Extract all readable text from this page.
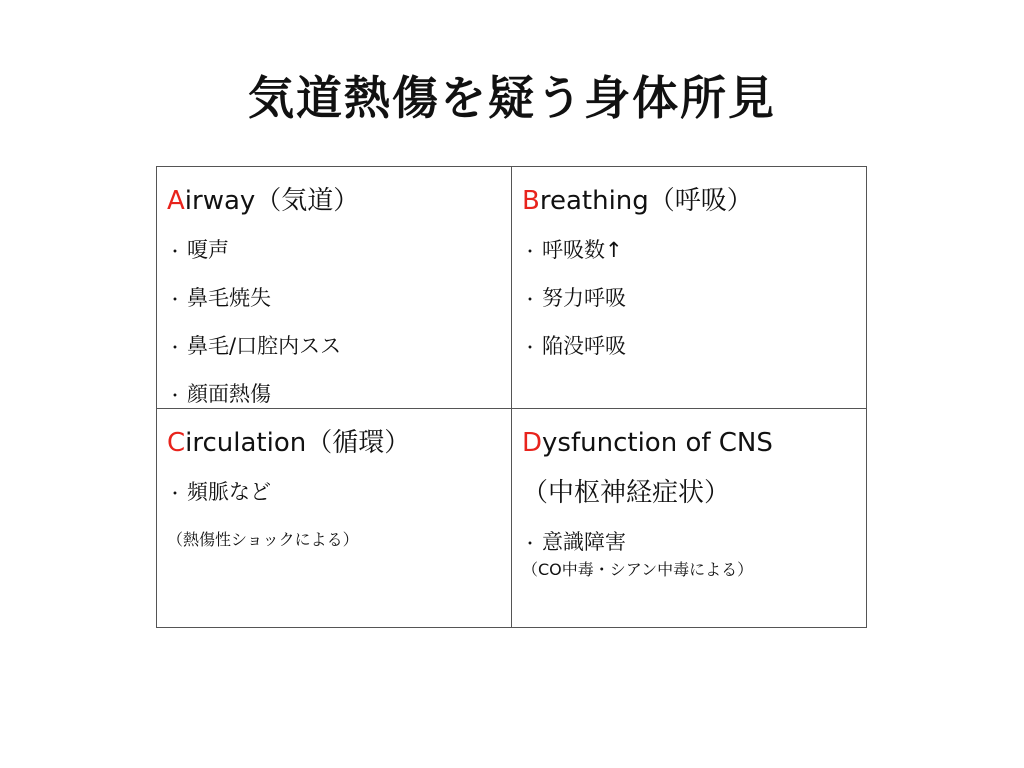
気道熱傷を疑う身体所見

Airway（気道）

・ 嗄声
・ 鼻毛焼失
・ 鼻毛/口腔内スス
・ 顔面熱傷

Breathing（呼吸）

・ 呼吸数↑
・ 努力呼吸
・ 陥没呼吸

Circulation（循環）

・ 頻脈など

（熱傷性ショックによる）

Dysfunction of CNS

（中枢神経症状）

・ 意識障害

（CO中毒・シアン中毒による）
